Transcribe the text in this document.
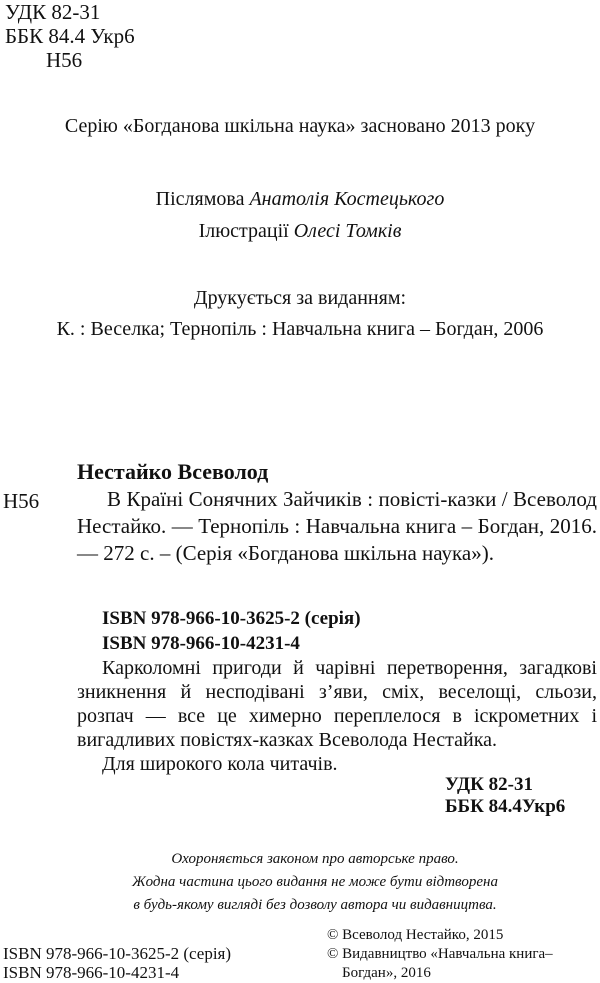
УДК 82-31
ББК 84.4 Укр6
Н56
Серію «Богданова шкільна наука» засновано 2013 року
Післямова Анатолія Костецького
Ілюстрації Олесі Томків
Друкується за виданням:
К. : Веселка; Тернопіль : Навчальна книга – Богдан, 2006
Нестайко Всеволод
Н56	В Країні Сонячних Зайчиків : повісті-казки / Всеволод Нестайко. — Тернопіль : Навчальна книга – Богдан, 2016. — 272 с. – (Серія «Богданова шкільна наука»).
ISBN 978-966-10-3625-2 (серія)
ISBN 978-966-10-4231-4

Карколомні пригоди й чарівні перетворення, загадкові зникнення й несподівані з’яви, сміх, веселощі, сльози, розпач — все це химерно переплелося в іскрометних і вигадливих повістях-казках Всеволода Нестайка.

Для широкого кола читачів.

УДК 82-31
ББК 84.4Укр6
Охороняється законом про авторське право.
Жодна частина цього видання не може бути відтворена
в будь-якому вигляді без дозволу автора чи видавництва.
ISBN 978-966-10-3625-2 (серія)
ISBN 978-966-10-4231-4
© Всеволод Нестайко, 2015
© Видавництво «Навчальна книга–
Богдан», 2016
